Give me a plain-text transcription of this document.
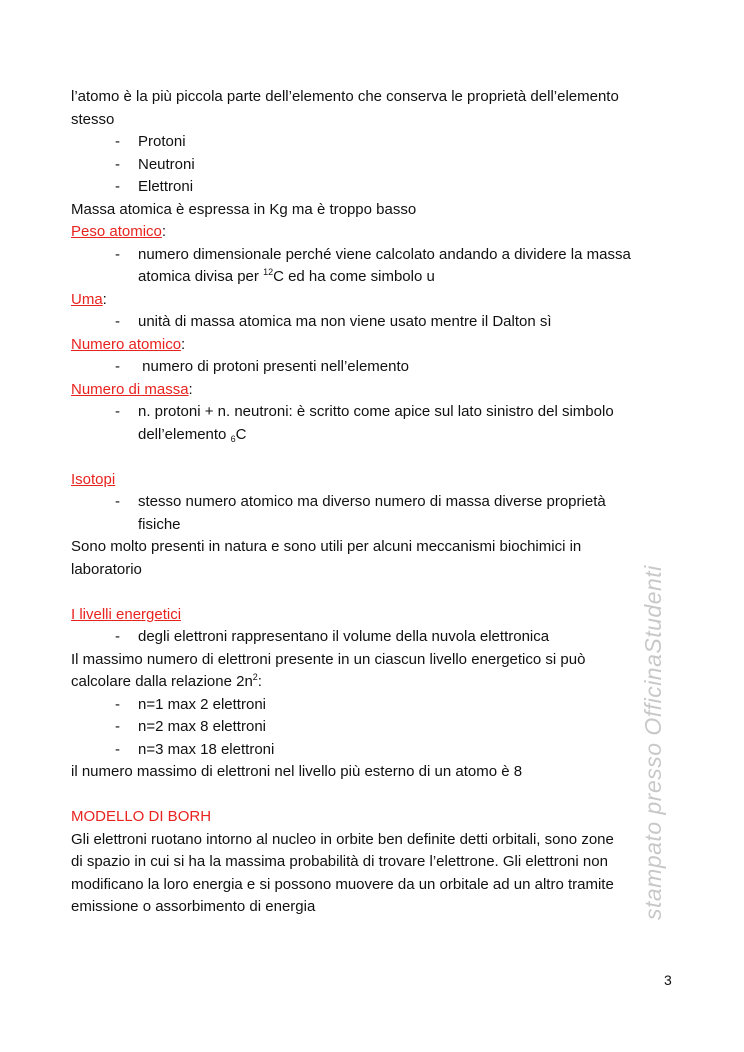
l’atomo è la più piccola parte dell’elemento che conserva le proprietà dell’elemento
stesso
- Protoni
- Neutroni
- Elettroni
Massa atomica è espressa in Kg ma è troppo basso
Peso atomico:
- numero dimensionale perché viene calcolato andando a dividere la massa
atomica divisa per $^{12}$C ed ha come simbolo u
Uma:
- unità di massa atomica ma non viene usato mentre il Dalton sì
Numero atomico:
- numero di protoni presenti nell’elemento
Numero di massa:
- n. protoni + n. neutroni: è scritto come apice sul lato sinistro del simbolo
dell’elemento $_6$C
Isotopi
- stesso numero atomico ma diverso numero di massa diverse proprietà
fisiche
Sono molto presenti in natura e sono utili per alcuni meccanismi biochimici in
laboratorio
I livelli energetici
- degli elettroni rappresentano il volume della nuvola elettronica
Il massimo numero di elettroni presente in un ciascun livello energetico si può
calcolare dalla relazione $2n^2$:
- n=1 max 2 elettroni
- n=2 max 8 elettroni
- n=3 max 18 elettroni
il numero massimo di elettroni nel livello più esterno di un atomo è 8
MODELLO DI BORH
Gli elettroni ruotano intorno al nucleo in orbite ben definite detti orbitali, sono zone
di spazio in cui si ha la massima probabilità di trovare l’elettrone. Gli elettroni non
modificano la loro energia e si possono muovere da un orbitale ad un altro tramite
emissione o assorbimento di energia	stampato presso OfficinaStudenti
3
